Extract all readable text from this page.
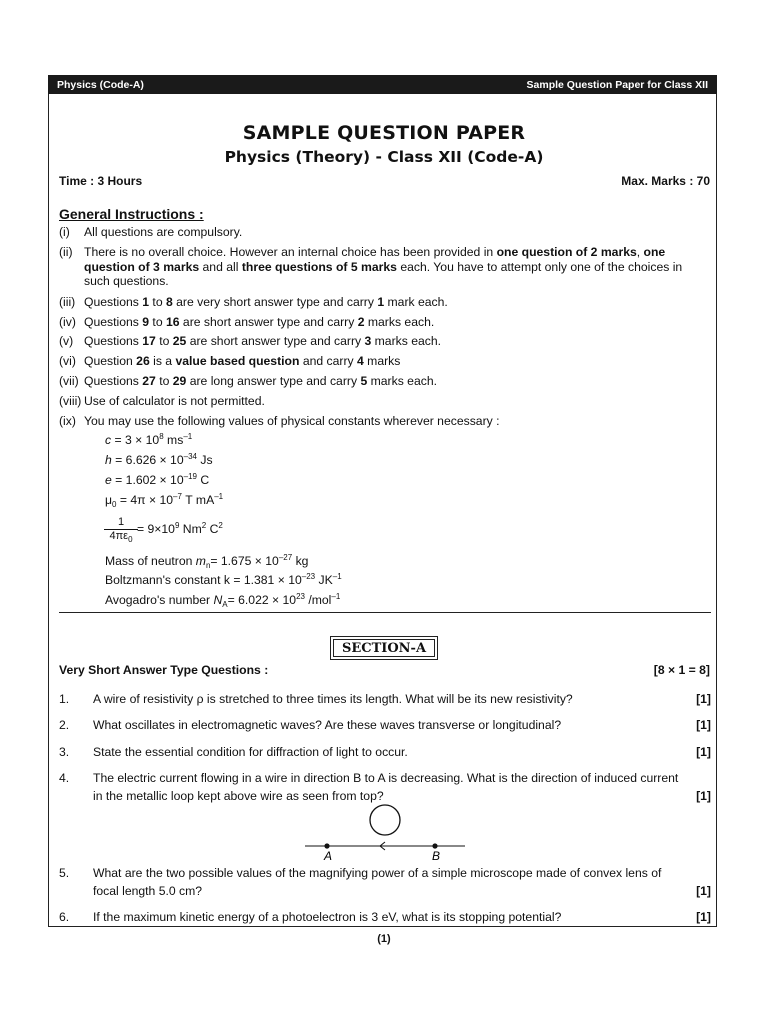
Physics (Code-A)	Sample Question Paper for Class XII
SAMPLE QUESTION PAPER
Physics (Theory) - Class XII (Code-A)
Time : 3 Hours	Max. Marks : 70
General Instructions :
(i) All questions are compulsory.
(ii) There is no overall choice. However an internal choice has been provided in one question of 2 marks, one question of 3 marks and all three questions of 5 marks each. You have to attempt only one of the choices in such questions.
(iii) Questions 1 to 8 are very short answer type and carry 1 mark each.
(iv) Questions 9 to 16 are short answer type and carry 2 marks each.
(v) Questions 17 to 25 are short answer type and carry 3 marks each.
(vi) Question 26 is a value based question and carry 4 marks
(vii) Questions 27 to 29 are long answer type and carry 5 marks each.
(viii) Use of calculator is not permitted.
(ix) You may use the following values of physical constants wherever necessary :
$c = 3 \times 10^8$ $ms^{-1}$
$h = 6.626 \times 10^{-34}$ Js
$e = 1.602 \times 10^{-19}$ C
$\mu_0 = 4\pi \times 10^{-7}$ T $mA^{-1}$
$\frac{1}{4\pi\varepsilon_0} = 9\times 10^9$ Nm$^2$ $C^2$
Mass of neutron $m_n= 1.675 \times 10^{-27}$ kg
Boltzmann's constant $k = 1.381 \times 10^{-23}$ $JK^{-1}$
Avogadro's number $N_A= 6.022 \times 10^{23}$ /mol$^{-1}$
SECTION-A
Very Short Answer Type Questions :	[8 × 1 = 8]
1. A wire of resistivity ρ is stretched to three times its length. What will be its new resistivity?	[1]
2. What oscillates in electromagnetic waves? Are these waves transverse or longitudinal?	[1]
3. State the essential condition for diffraction of light to occur.	[1]
4. The electric current flowing in a wire in direction B to A is decreasing. What is the direction of induced current in the metallic loop kept above wire as seen from top?	[1]
5. What are the two possible values of the magnifying power of a simple microscope made of convex lens of focal length 5.0 cm?	[1]
6. If the maximum kinetic energy of a photoelectron is 3 eV, what is its stopping potential?	[1]
A	B
(1)
